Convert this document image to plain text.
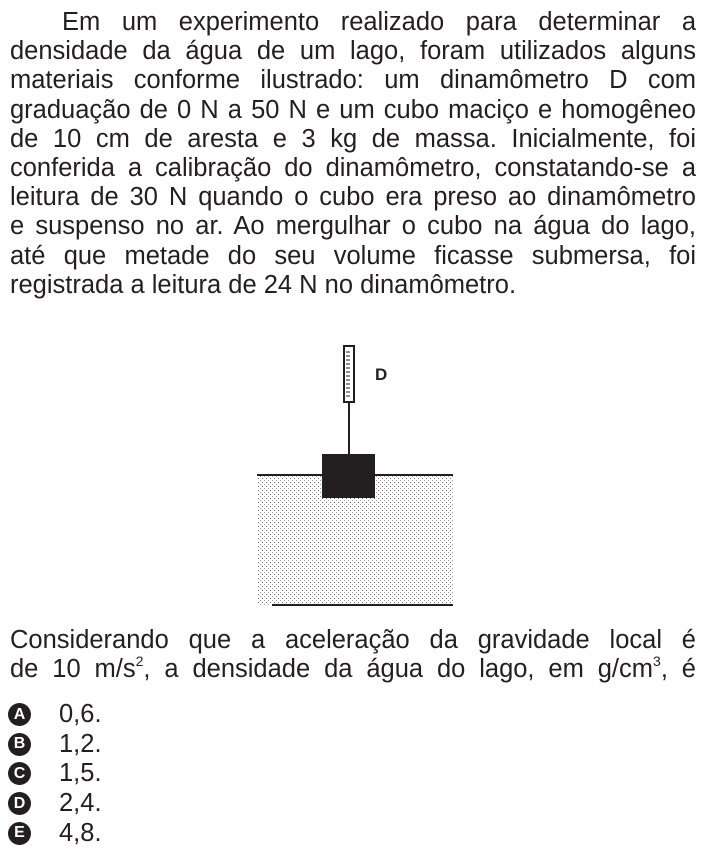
Em um experimento realizado para determinar a
densidade da água de um lago, foram utilizados alguns
materiais conforme ilustrado: um dinamômetro D com
graduação de 0 N a 50 N e um cubo maciço e homogêneo
de 10 cm de aresta e 3 kg de massa. Inicialmente, foi
conferida a calibração do dinamômetro, constatando-se a
leitura de 30 N quando o cubo era preso ao dinamômetro
e suspenso no ar. Ao mergulhar o cubo na água do lago,
até que metade do seu volume ficasse submersa, foi
registrada a leitura de 24 N no dinamômetro.
D
Considerando que a aceleração da gravidade local é
de 10 $m/s^2$, a densidade da água do lago, em $g/cm^3$, é
A 0,6.
B 1,2.
C 1,5.
D 2,4.
E 4,8.
